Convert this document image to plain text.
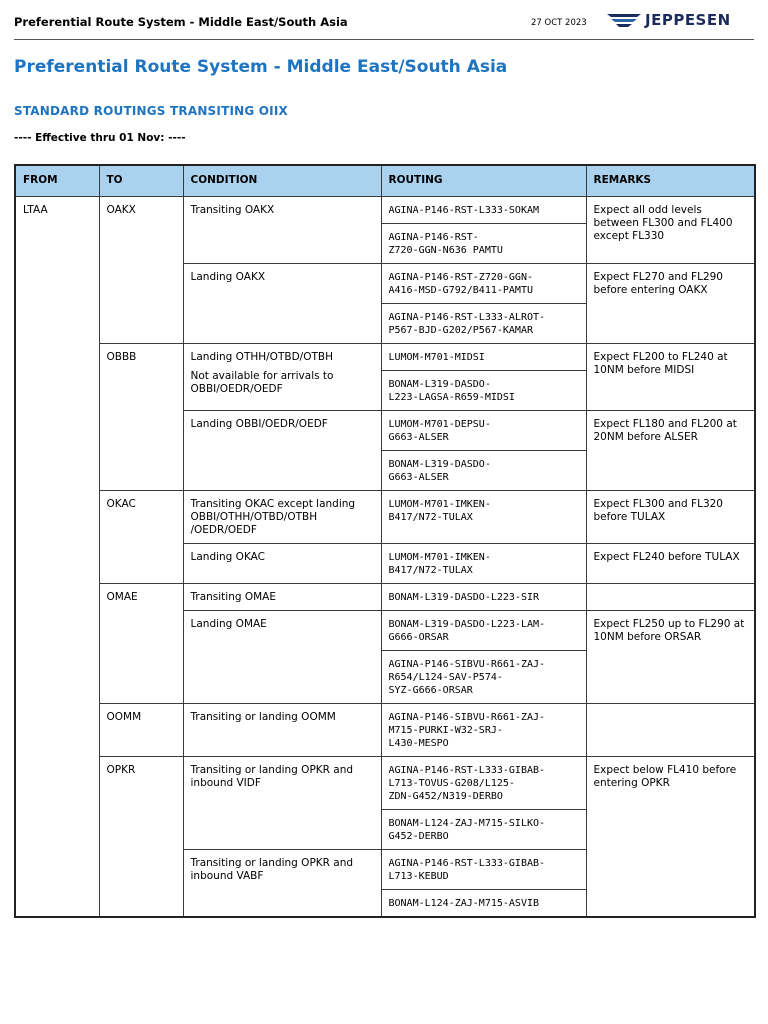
Preferential Route System - Middle East/South Asia	27 OCT 2023	JEPPESEN
Preferential Route System - Middle East/South Asia
STANDARD ROUTINGS TRANSITING OIIX
---- Effective thru 01 Nov: ----
FROM	TO	CONDITION	ROUTING	REMARKS
LTAA	OAKX	Transiting OAKX	AGINA-P146-RST-L333-SOKAM	Expect all odd levels between FL300 and FL400 except FL330
			AGINA-P146-RST-
Z720-GGN-N636 PAMTU	

		Landing OAKX	AGINA-P146-RST-Z720-GGN-
A416-MSD-G792/B411-PAMTU	Expect FL270 and FL290 before entering OAKX
			AGINA-P146-RST-L333-ALROT-
P567-BJD-G202/P567-KAMAR	
	OBBB	Landing OTHH/OTBD/OTBH

Not available for arrivals to OBBI/OEDR/OEDF	LUMOM-M701-MIDSI	Expect FL200 to FL240 at 10NM before MIDSI
			BONAM-L319-DASDO-
L223-LAGSA-R659-MIDSI	

		Landing OBBI/OEDR/OEDF	LUMOM-M701-DEPSU-
G663-ALSER	Expect FL180 and FL200 at 20NM before ALSER
			BONAM-L319-DASDO-
G663-ALSER	
	OKAC	Transiting OKAC except landing OBBI/OTHH/OTBD/OTBH /OEDR/OEDF	LUMOM-M701-IMKEN-
B417/N72-TULAX	Expect FL300 and FL320 before TULAX

		Landing OKAC	LUMOM-M701-IMKEN-
B417/N72-TULAX	Expect FL240 before TULAX
	OMAE	Transiting OMAE	BONAM-L319-DASDO-L223-SIR	

		Landing OMAE	BONAM-L319-DASDO-L223-LAM-
G666-ORSAR	Expect FL250 up to FL290 at 10NM before ORSAR
			AGINA-P146-SIBVU-R661-ZAJ-
R654/L124-SAV-P574-
SYZ-G666-ORSAR	
	OOMM	Transiting or landing OOMM	AGINA-P146-SIBVU-R661-ZAJ-
M715-PURKI-W32-SRJ-
L430-MESPO	
	OPKR	Transiting or landing OPKR and inbound VIDF	AGINA-P146-RST-L333-GIBAB-
L713-TOVUS-G208/L125-
ZDN-G452/N319-DERBO	Expect below FL410 before entering OPKR
			BONAM-L124-ZAJ-M715-SILKO-
G452-DERBO	

		Transiting or landing OPKR and inbound VABF	AGINA-P146-RST-L333-GIBAB-
L713-KEBUD	
			BONAM-L124-ZAJ-M715-ASVIB	
